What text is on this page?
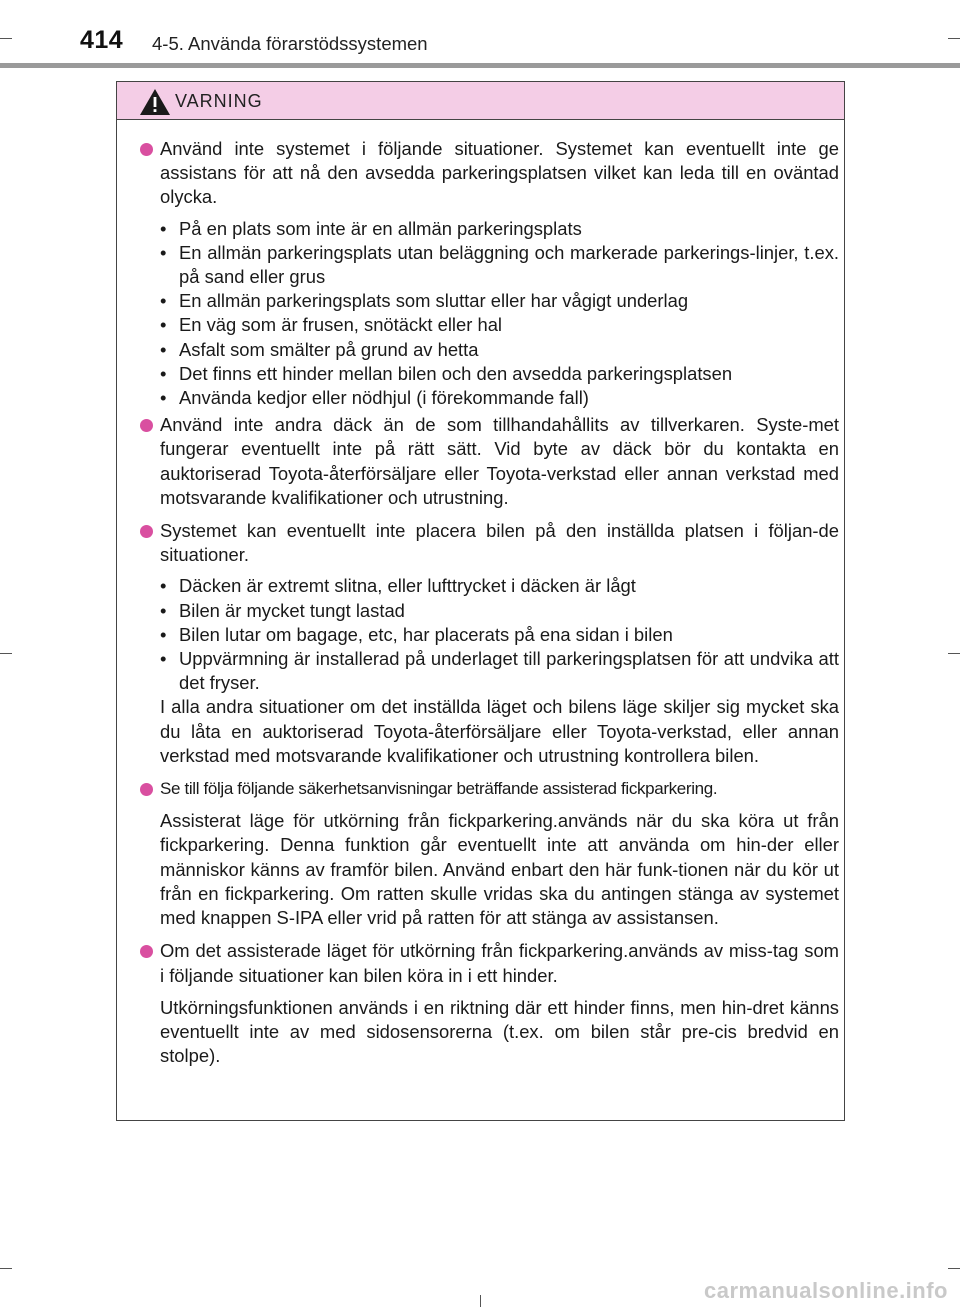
414 4-5. Använda förarstödssystemen
VARNING

Använd inte systemet i följande situationer. Systemet kan eventuellt inte ge assistans för att nå den avsedda parkeringsplatsen vilket kan leda till en oväntad olycka.

• På en plats som inte är en allmän parkeringsplats
• En allmän parkeringsplats utan beläggning och markerade parkerings-linjer, t.ex. på sand eller grus
• En allmän parkeringsplats som sluttar eller har vågigt underlag
• En väg som är frusen, snötäckt eller hal
• Asfalt som smälter på grund av hetta
• Det finns ett hinder mellan bilen och den avsedda parkeringsplatsen
• Använda kedjor eller nödhjul (i förekommande fall)

Använd inte andra däck än de som tillhandahållits av tillverkaren. Syste-met fungerar eventuellt inte på rätt sätt. Vid byte av däck bör du kontakta en auktoriserad Toyota-återförsäljare eller Toyota-verkstad eller annan verkstad med motsvarande kvalifikationer och utrustning.

Systemet kan eventuellt inte placera bilen på den inställda platsen i följan-de situationer.

• Däcken är extremt slitna, eller lufttrycket i däcken är lågt
• Bilen är mycket tungt lastad
• Bilen lutar om bagage, etc, har placerats på ena sidan i bilen
• Uppvärmning är installerad på underlaget till parkeringsplatsen för att undvika att det fryser.

I alla andra situationer om det inställda läget och bilens läge skiljer sig mycket ska du låta en auktoriserad Toyota-återförsäljare eller Toyota-verkstad, eller annan verkstad med motsvarande kvalifikationer och utrustning kontrollera bilen.

Se till följa följande säkerhetsanvisningar beträffande assisterad fickparkering.

Assisterat läge för utkörning från fickparkering.används när du ska köra ut från fickparkering. Denna funktion går eventuellt inte att använda om hin-der eller människor känns av framför bilen. Använd enbart den här funk-tionen när du kör ut från en fickparkering. Om ratten skulle vridas ska du antingen stänga av systemet med knappen S-IPA eller vrid på ratten för att stänga av assistansen.

Om det assisterade läget för utkörning från fickparkering.används av miss-tag som i följande situationer kan bilen köra in i ett hinder.

Utkörningsfunktionen används i en riktning där ett hinder finns, men hin-dret känns eventuellt inte av med sidosensorerna (t.ex. om bilen står pre-cis bredvid en stolpe).

carmanualsonline.info
